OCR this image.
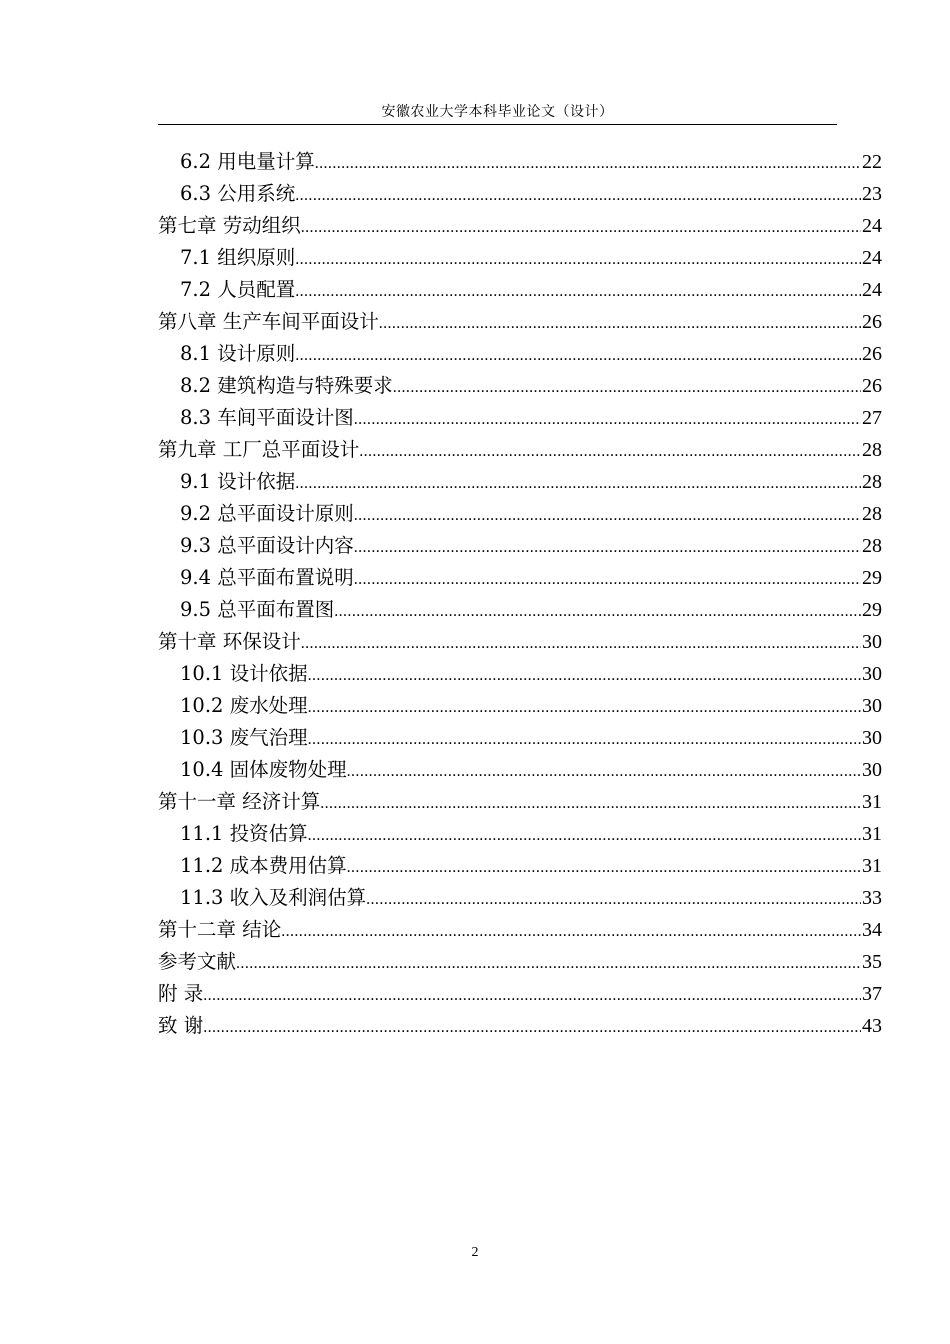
安徽农业大学本科毕业论文（设计）
6.2 用电量计算 .....	22
6.3 公用系统 .....	23
第七章 劳动组织 .....	24
7.1 组织原则 .....	24
7.2 人员配置 .....	24
第八章 生产车间平面设计 .....	26
8.1 设计原则 .....	26
8.2 建筑构造与特殊要求 .....	26
8.3 车间平面设计图 .....	27
第九章 工厂总平面设计 .....	28
9.1 设计依据 .....	28
9.2 总平面设计原则 .....	28
9.3 总平面设计内容 .....	28
9.4 总平面布置说明 .....	29
9.5 总平面布置图 .....	29
第十章 环保设计 .....	30
10.1 设计依据 .....	30
10.2 废水处理 .....	30
10.3 废气治理 .....	30
10.4 固体废物处理 .....	30
第十一章 经济计算 .....	31
11.1 投资估算 .....	31
11.2 成本费用估算 .....	31
11.3 收入及利润估算 .....	33
第十二章 结论 .....	34
参考文献 .....	35
附 录 .....	37
致 谢 .....	43
2
